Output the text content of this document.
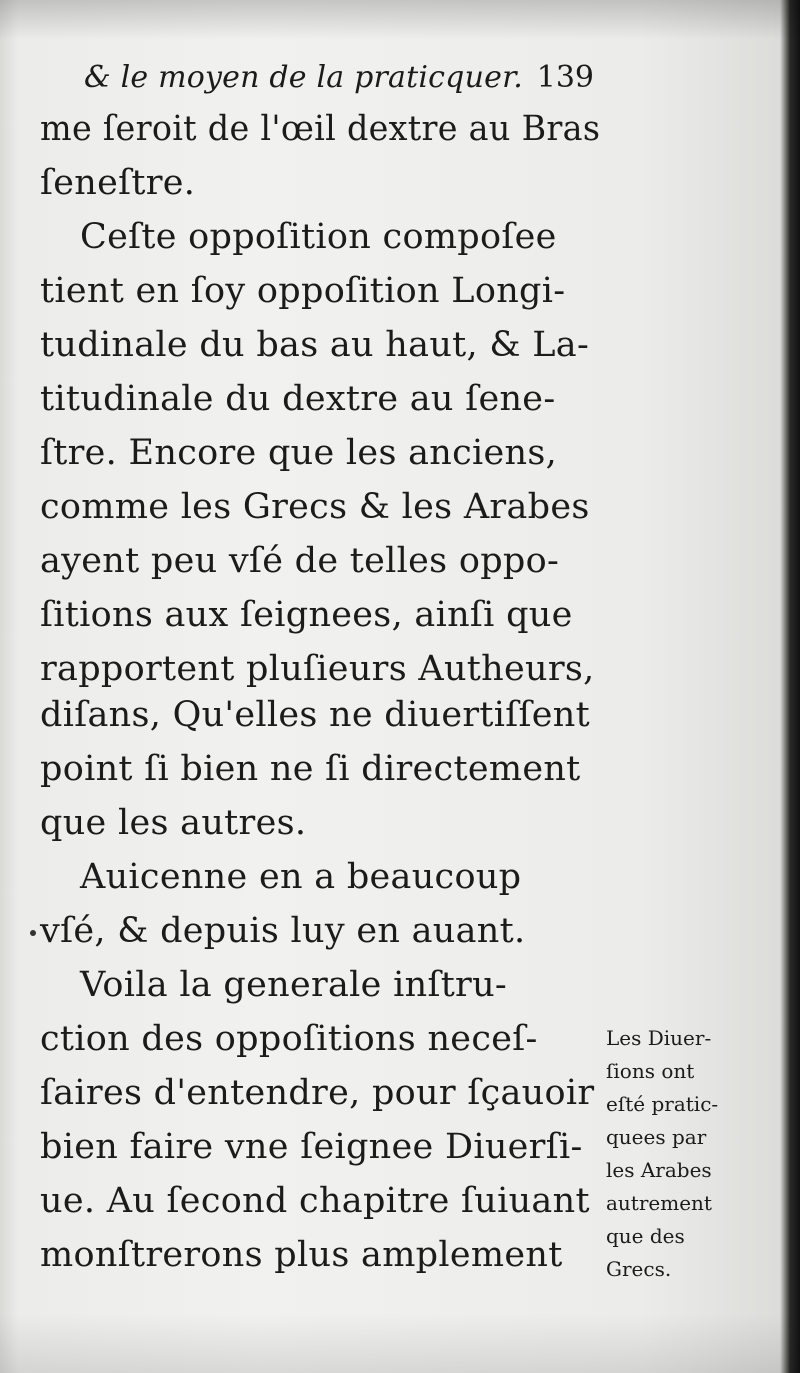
& le moyen de la praticquer. 139
me ſeroit de l'œil dextre au Bras
ſeneſtre.
Ceſte oppoſition compoſee
tient en ſoy oppoſition Longi-
tudinale du bas au haut, & La-
titudinale du dextre au ſene-
ſtre. Encore que les anciens,
comme les Grecs & les Arabes
ayent peu vſé de telles oppo-
ſitions aux ſeignees, ainſi que
rapportent pluſieurs Autheurs,
diſans, Qu'elles ne diuertiſſent
point ſi bien ne ſi directement
que les autres.
Auicenne en a beaucoup
vſé, & depuis luy en auant.
Voila la generale inſtru-
ction des oppoſitions neceſ-
ſaires d'entendre, pour ſçauoir
bien faire vne ſeignee Diuerſi-
ue. Au ſecond chapitre ſuiuant
monſtrerons plus amplement
Les Diuer-
ſions ont
eſté pratic-
quees par
les Arabes
autrement
que des
Grecs.
